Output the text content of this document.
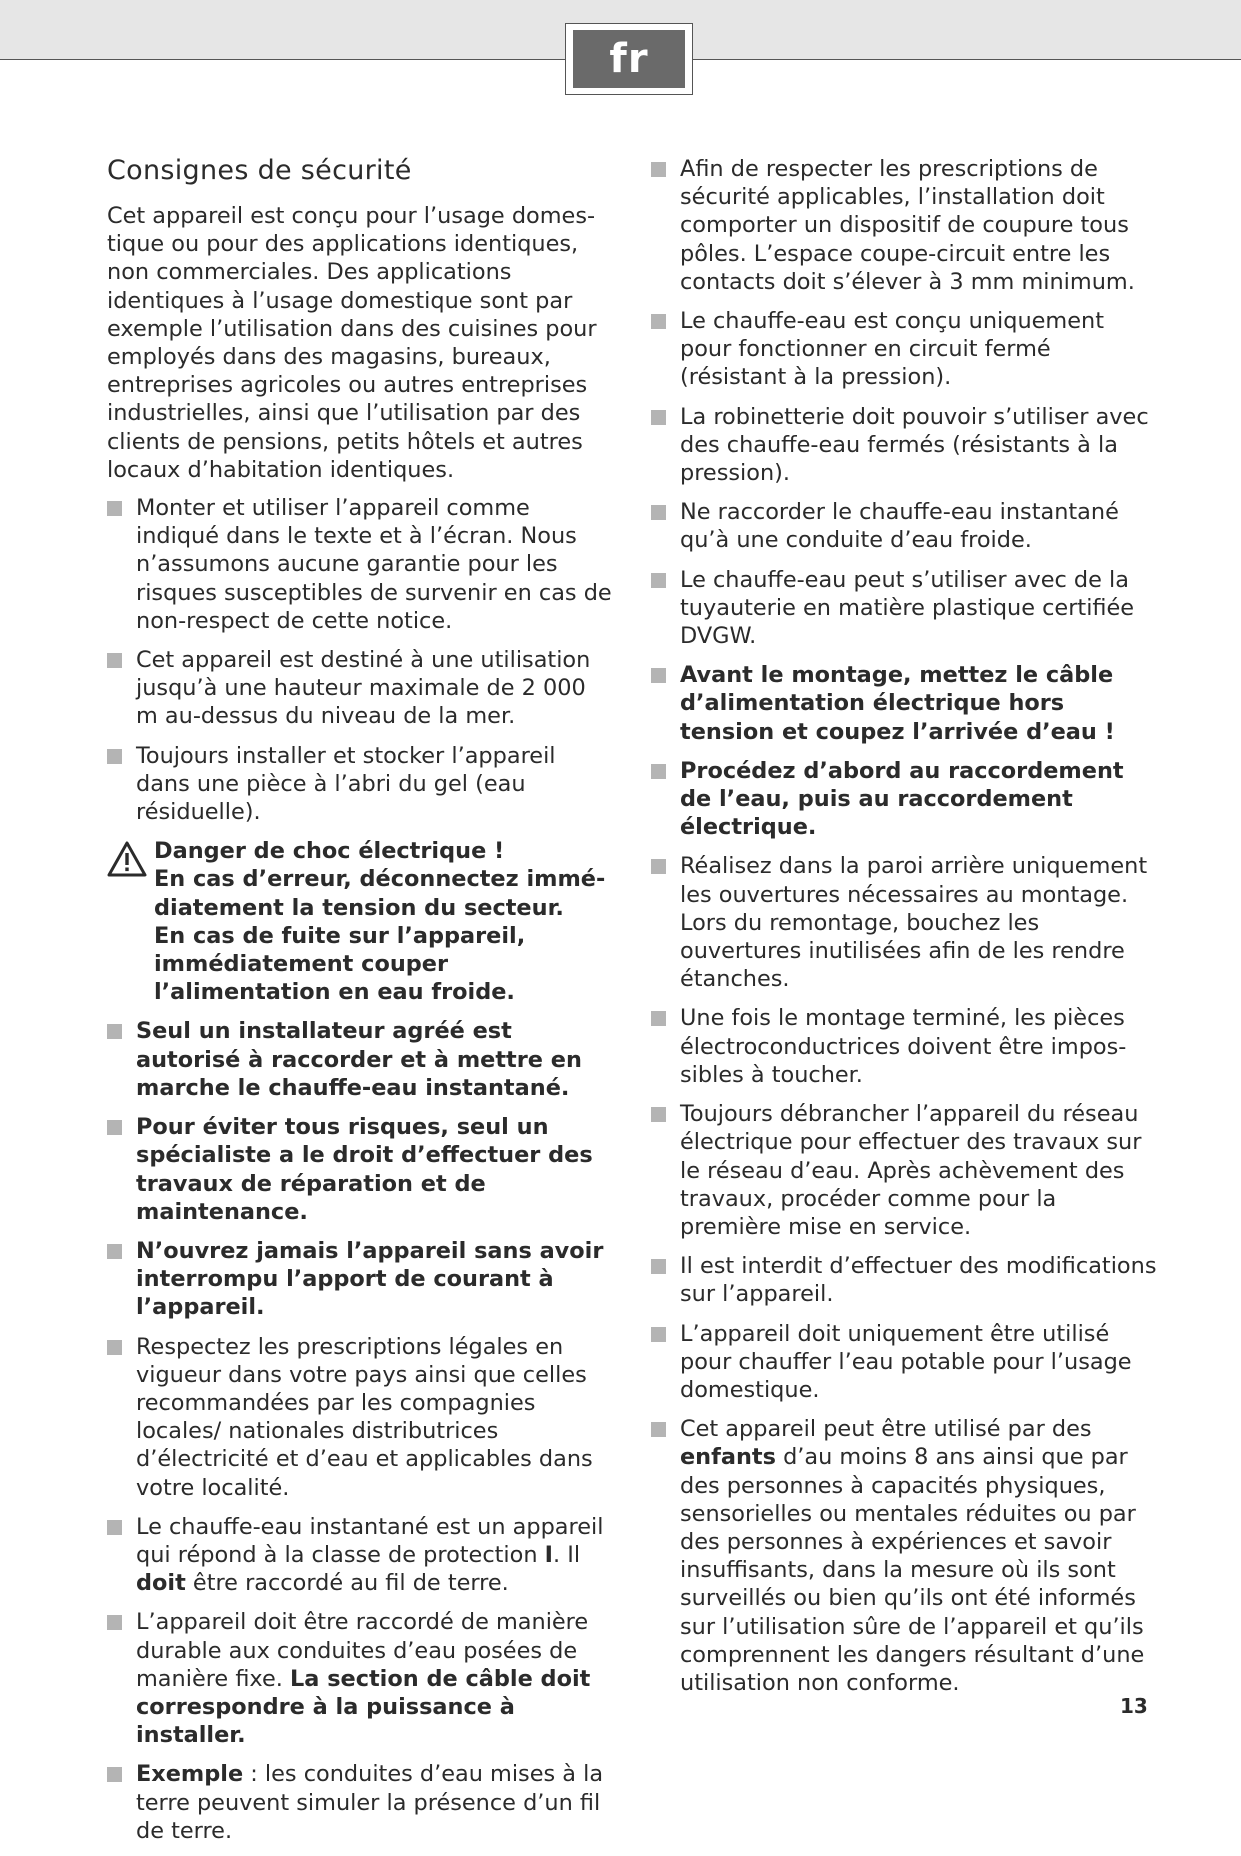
fr
Consignes de sécurité

Cet appareil est conçu pour l’usage domestique ou pour des applications identiques, non commerciales. Des applications identiques à l’usage domestique sont par exemple l’utilisation dans des cuisines pour employés dans des magasins, bureaux, entreprises agricoles ou autres entreprises industrielles, ainsi que l’utilisation par des clients de pensions, petits hôtels et autres locaux d’habitation identiques.

Monter et utiliser l’appareil comme indiqué dans le texte et à l’écran. Nous n’assumons aucune garantie pour les risques susceptibles de survenir en cas de non-respect de cette notice.
Cet appareil est destiné à une utilisation jusqu’à une hauteur maximale de 2 000 m au-dessus du niveau de la mer.
Toujours installer et stocker l’appareil dans une pièce à l’abri du gel (eau résiduelle).
Danger de choc électrique !
En cas d’erreur, déconnectez immédiatement la tension du secteur.
En cas de fuite sur l’appareil, immédiatement couper l’alimentation en eau froide.
Seul un installateur agréé est autorisé à raccorder et à mettre en marche le chauffe-eau instantané.
Pour éviter tous risques, seul un spécialiste a le droit d’effectuer des travaux de réparation et de maintenance.
N’ouvrez jamais l’appareil sans avoir interrompu l’apport de courant à l’appareil.
Respectez les prescriptions légales en vigueur dans votre pays ainsi que celles recommandées par les compagnies locales/ nationales distributrices d’électricité et d’eau et applicables dans votre localité.
Le chauffe-eau instantané est un appareil qui répond à la classe de protection I. Il doit être raccordé au fil de terre.
L’appareil doit être raccordé de manière durable aux conduites d’eau posées de manière fixe. La section de câble doit correspondre à la puissance à installer.
Exemple : les conduites d’eau mises à la terre peuvent simuler la présence d’un fil de terre.
Afin de respecter les prescriptions de sécurité applicables, l’installation doit comporter un dispositif de coupure tous pôles. L’espace coupe-circuit entre les contacts doit s’élever à 3 mm minimum.
Le chauffe-eau est conçu uniquement pour fonctionner en circuit fermé (résistant à la pression).
La robinetterie doit pouvoir s’utiliser avec des chauffe-eau fermés (résistants à la pression).
Ne raccorder le chauffe-eau instantané qu’à une conduite d’eau froide.
Le chauffe-eau peut s’utiliser avec de la tuyauterie en matière plastique certifiée DVGW.
Avant le montage, mettez le câble d’alimentation électrique hors tension et coupez l’arrivée d’eau !
Procédez d’abord au raccordement de l’eau, puis au raccordement électrique.
Réalisez dans la paroi arrière uniquement les ouvertures nécessaires au montage. Lors du remontage, bouchez les ouvertures inutilisées afin de les rendre étanches.
Une fois le montage terminé, les pièces électroconductrices doivent être impossibles à toucher.
Toujours débrancher l’appareil du réseau électrique pour effectuer des travaux sur le réseau d’eau. Après achèvement des travaux, procéder comme pour la première mise en service.
Il est interdit d’effectuer des modifications sur l’appareil.
L’appareil doit uniquement être utilisé pour chauffer l’eau potable pour l’usage domestique.
Cet appareil peut être utilisé par des enfants d’au moins 8 ans ainsi que par des personnes à capacités physiques, sensorielles ou mentales réduites ou par des personnes à expériences et savoir insuffisants, dans la mesure où ils sont surveillés ou bien qu’ils ont été informés sur l’utilisation sûre de l’appareil et qu’ils comprennent les dangers résultant d’une utilisation non conforme.
13
